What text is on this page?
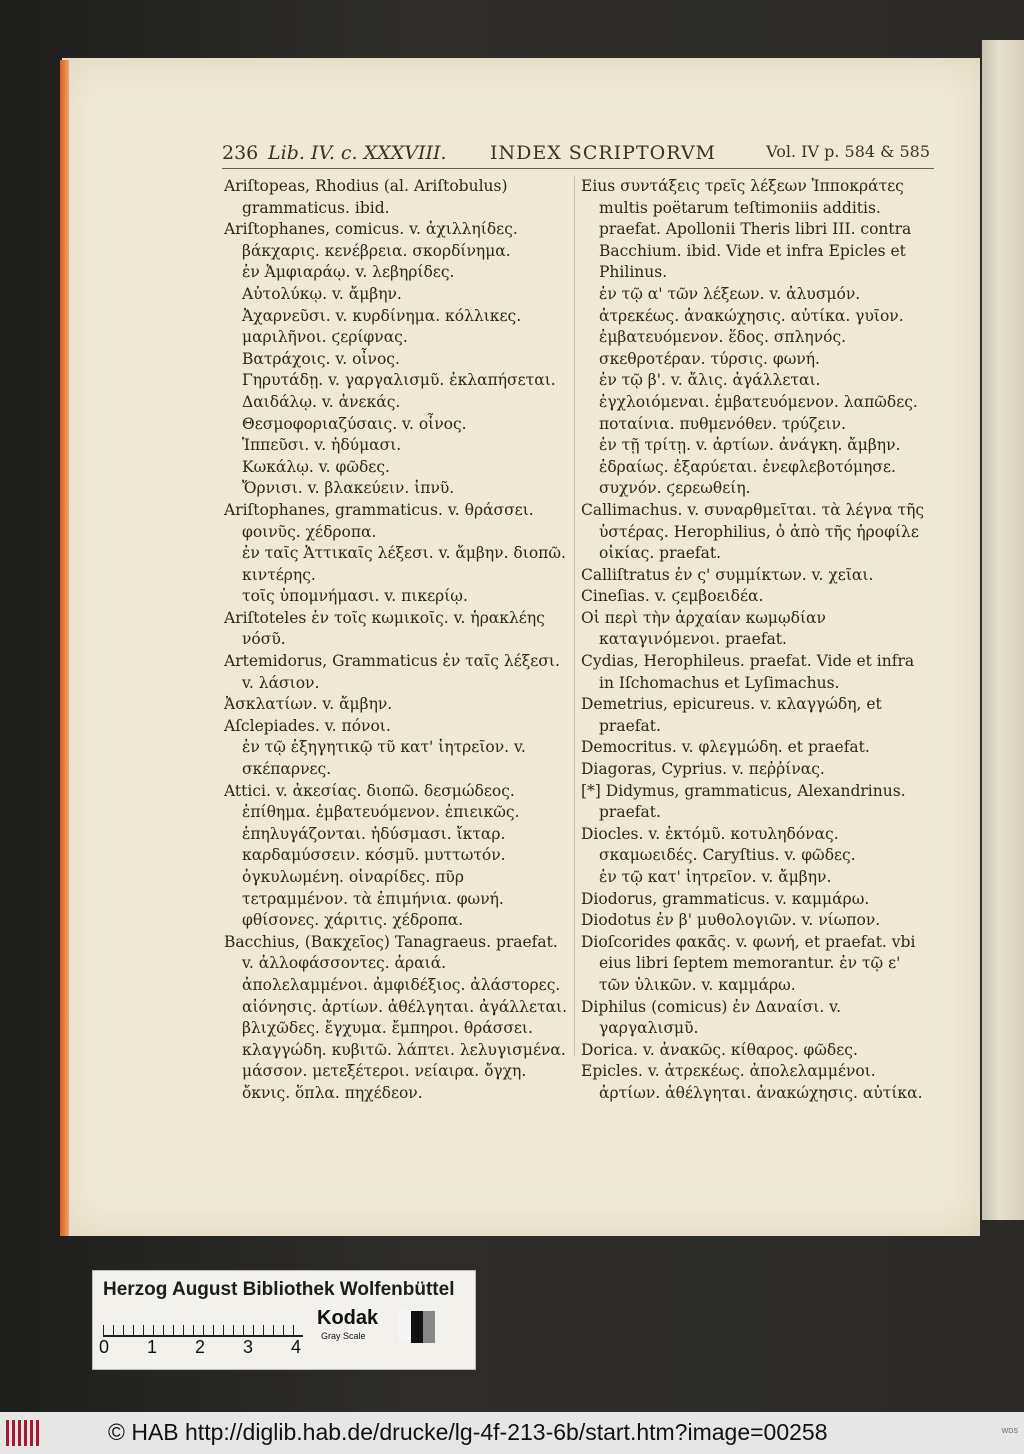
236 Lib. IV. c. XXXVIII. INDEX SCRIPTORVM	Vol. IV p. 584 & 585

Ariſtopeas, Rhodius (al. Ariſtobulus) grammaticus. ibid.

Ariſtophanes, comicus. v. ἀχιλληίδες. βάκχαρις. κενέβρεια. σκορδίνημα.

ἐν Ἀμφιαράῳ. v. λεβηρίδες.

Αὐτολύκῳ. v. ἄμβην.

Ἀχαρνεῦσι. v. κυρδίνημα. κόλλικες. μαριλῆνοι. ϛερίφνας.

Βατράχοις. v. οἶνος.

Γηρυτάδῃ. v. γαργαλισμῦ. ἐκλαπήσεται.

Δαιδάλῳ. v. ἀνεκάς.

Θεσμοφοριαζύσαις. v. οἶνος.

Ἱππεῦσι. v. ἡδύμασι.

Κωκάλῳ. v. φῶδες.

Ὄρνισι. v. βλακεύειν. ἰπνῦ.

Ariſtophanes, grammaticus. v. θράσσει. φοινῦς. χέδροπα.

ἐν ταῖς Ἀττικαῖς λέξεσι. v. ἄμβην. διοπῶ. κιντέρης.

τοῖς ὑπομνήμασι. v. πικερίῳ.

Ariſtoteles ἐν τοῖς κωμικοῖς. v. ἡρακλέης νόσῦ.

Artemidorus, Grammaticus ἐν ταῖς λέξεσι. v. λάσιον.

Ἀσκλατίων. v. ἄμβην.

Aſclepiades. v. πόνοι.

ἐν τῷ ἐξηγητικῷ τῦ κατ' ἰητρεῖον. v. σκέπαρνες.

Attici. v. ἀκεσίας. διοπῶ. δεσμώδεος. ἐπίθημα. ἐμβατευόμενον. ἐπιεικῶς. ἐπηλυγάζονται. ἡδύσμασι. ἴκταρ. καρδαμύσσειν. κόσμῦ. μυττωτόν. ὀγκυλωμένη. οἰναρίδες. πῦρ τετραμμένον. τὰ ἐπιμήνια. φωνή. φθίσονες. χάριτις. χέδροπα.

Bacchius, (Βακχεῖος) Tanagraeus. praefat. v. ἀλλοφάσσοντες. ἀραιά. ἀπολελαμμένοι. ἀμφιδέξιος. ἀλάστορες. αἰόνησις. ἀρτίων. ἀθέλγηται. ἀγάλλεται. βλιχῶδες. ἔγχυμα. ἔμπηροι. θράσσει. κλαγγώδη. κυβιτῶ. λάπτει. λελυγισμένα. μάσσον. μετεξέτεροι. νείαιρα. ὄγχη. ὄκνις. ὅπλα. πηχέδεον.

Eius συντάξεις τρεῖς λέξεων Ἱπποκράτες multis poëtarum teſtimoniis additis. praefat. Apollonii Theris libri III. contra Bacchium. ibid. Vide et infra Epicles et Philinus.

ἐν τῷ α' τῶν λέξεων. v. ἀλυσμόν. ἀτρεκέως. ἀνακώχησις. αὐτίκα. γυῖον. ἐμβατευόμενον. ἕδος. σπληνός. σκεθροτέραν. τύρσις. φωνή.

ἐν τῷ β'. v. ἄλις. ἀγάλλεται. ἐγχλοιόμεναι. ἐμβατευόμενον. λαπῶδες. ποταίνια. πυθμενόθεν. τρύζειν.

ἐν τῇ τρίτῃ. v. ἀρτίων. ἀνάγκη. ἄμβην. ἐδραίως. ἐξαρύεται. ἐνεφλεβοτόμησε. συχνόν. ϛερεωθείη.

Callimachus. v. συναρθμεῖται. τὰ λέγνα τῆς ὑστέρας. Herophilius, ὁ ἀπὸ τῆς ἡροφίλε οἰκίας. praefat.

Calliſtratus ἐν ς' συμμίκτων. v. χεῖαι.

Cineſias. v. ϛεμβοειδέα.

Οἱ περὶ τὴν ἀρχαίαν κωμῳδίαν καταγινόμενοι. praefat.

Cydias, Herophileus. praefat. Vide et infra in Iſchomachus et Lyſimachus.

Demetrius, epicureus. v. κλαγγώδη, et praefat.

Democritus. v. φλεγμώδη. et praefat.

Diagoras, Cyprius. v. πεῤῥίνας.

[*] Didymus, grammaticus, Alexandrinus. praefat.

Diocles. v. ἐκτόμῦ. κοτυληδόνας. σκαμωειδές. Caryſtius. v. φῶδες.

ἐν τῷ κατ' ἰητρεῖον. v. ἄμβην.

Diodorus, grammaticus. v. καμμάρω.

Diodotus ἐν β' μυθολογιῶν. v. νίωπον.

Dioſcorides φακᾶς. v. φωνή, et praefat. vbi eius libri ſeptem memorantur. ἐν τῷ ε' τῶν ὑλικῶν. v. καμμάρω.

Diphilus (comicus) ἐν Δαναίσι. v. γαργαλισμῦ.

Dorica. v. ἀνακῶς. κίθαρος. φῶδες.

Epicles. v. ἀτρεκέως. ἀπολελαμμένοι. ἀρτίων. ἀθέλγηται. ἀνακώχησις. αὐτίκα.

Herzog August Bibliothek Wolfenbüttel
0 1 2 3 4
Kodak
Gray Scale
© HAB http://diglib.hab.de/drucke/lg-4f-213-6b/start.htm?image=00258	WDS
